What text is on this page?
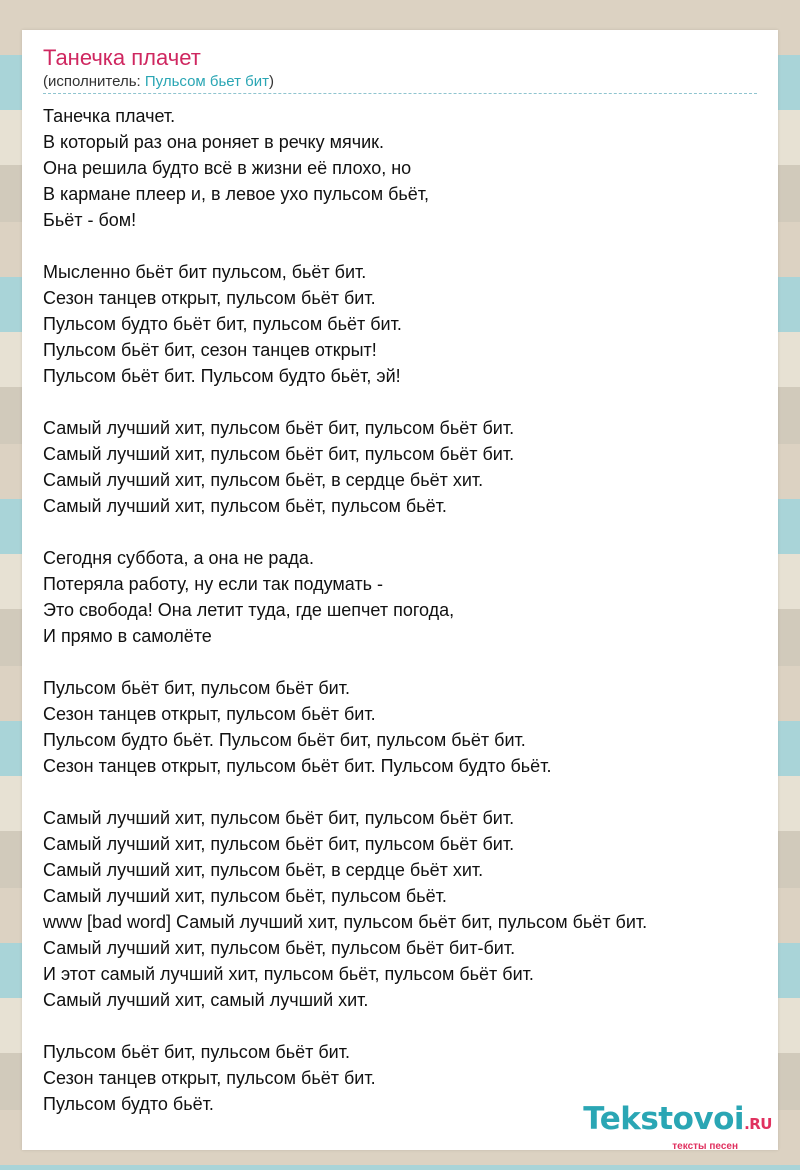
Танечка плачет
(исполнитель: Пульсом бьет бит)
Танечка плачет.
В который раз она роняет в речку мячик.
Она решила будто всё в жизни её плохо, но
В кармане плеер и, в левое ухо пульсом бьёт,
Бьёт - бом!
Мысленно бьёт бит пульсом, бьёт бит.
Сезон танцев открыт, пульсом бьёт бит.
Пульсом будто бьёт бит, пульсом бьёт бит.
Пульсом бьёт бит, сезон танцев открыт!
Пульсом бьёт бит. Пульсом будто бьёт, эй!
Самый лучший хит, пульсом бьёт бит, пульсом бьёт бит.
Самый лучший хит, пульсом бьёт бит, пульсом бьёт бит.
Самый лучший хит, пульсом бьёт, в сердце бьёт хит.
Самый лучший хит, пульсом бьёт, пульсом бьёт.
Сегодня суббота, а она не рада.
Потеряла работу, ну если так подумать -
Это свобода! Она летит туда, где шепчет погода,
И прямо в самолёте
Пульсом бьёт бит, пульсом бьёт бит.
Сезон танцев открыт, пульсом бьёт бит.
Пульсом будто бьёт. Пульсом бьёт бит, пульсом бьёт бит.
Сезон танцев открыт, пульсом бьёт бит. Пульсом будто бьёт.
Самый лучший хит, пульсом бьёт бит, пульсом бьёт бит.
Самый лучший хит, пульсом бьёт бит, пульсом бьёт бит.
Самый лучший хит, пульсом бьёт, в сердце бьёт хит.
Самый лучший хит, пульсом бьёт, пульсом бьёт.
www [bad word] Самый лучший хит, пульсом бьёт бит, пульсом бьёт бит.
Самый лучший хит, пульсом бьёт, пульсом бьёт бит-бит.
И этот самый лучший хит, пульсом бьёт, пульсом бьёт бит.
Самый лучший хит, самый лучший хит.
Пульсом бьёт бит, пульсом бьёт бит.
Сезон танцев открыт, пульсом бьёт бит.
Пульсом будто бьёт.	Tekstovoi.RU
тексты песен
